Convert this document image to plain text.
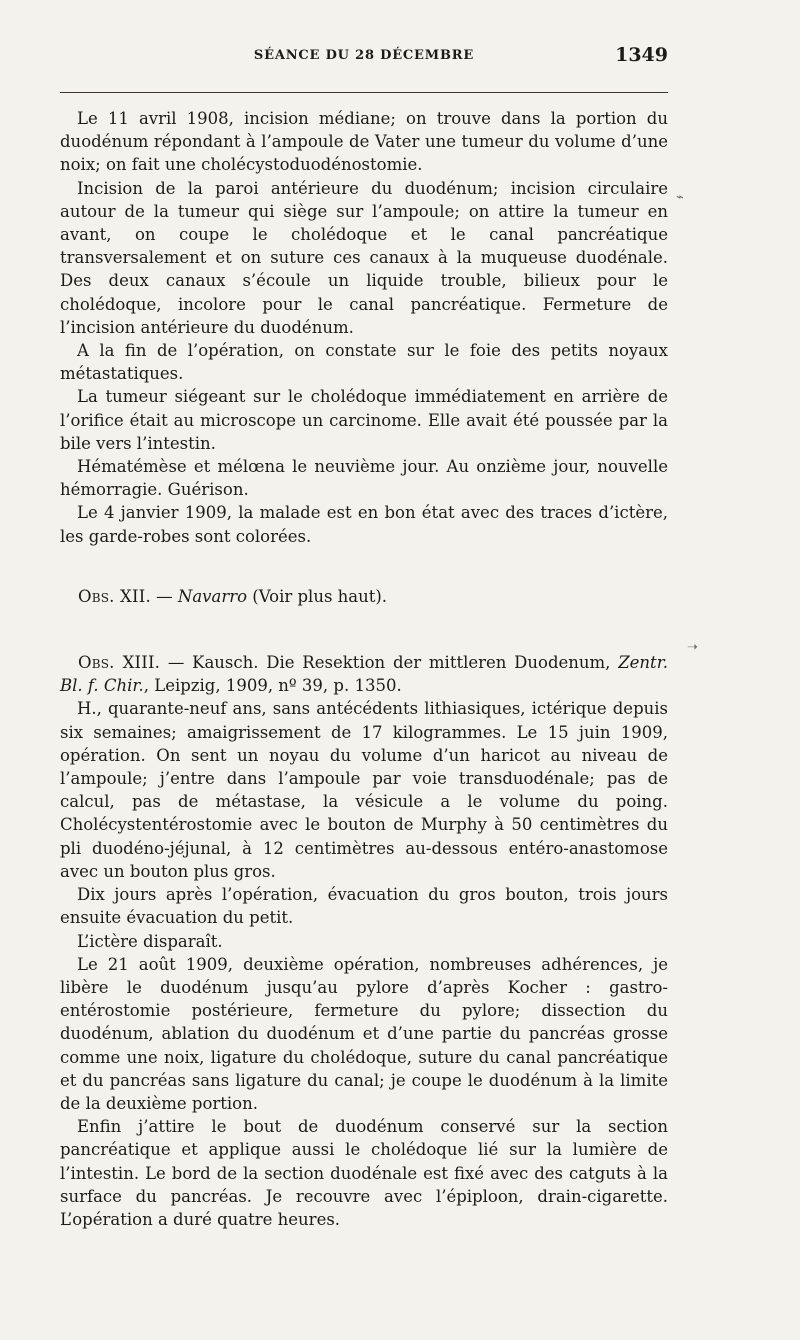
SÉANCE DU 28 DÉCEMBRE	1349

Le 11 avril 1908, incision médiane; on trouve dans la portion du duodénum répondant à l’ampoule de Vater une tumeur du volume d’une noix; on fait une cholécystoduodénostomie.

Incision de la paroi antérieure du duodénum; incision circulaire autour de la tumeur qui siège sur l’ampoule; on attire la tumeur en avant, on coupe le cholédoque et le canal pancréatique transversalement et on suture ces canaux à la muqueuse duodénale. Des deux canaux s’écoule un liquide trouble, bilieux pour le cholédoque, incolore pour le canal pancréatique. Fermeture de l’incision antérieure du duodénum.

A la fin de l’opération, on constate sur le foie des petits noyaux métastatiques.

La tumeur siégeant sur le cholédoque immédiatement en arrière de l’orifice était au microscope un carcinome. Elle avait été poussée par la bile vers l’intestin.

Hématémèse et mélœna le neuvième jour. Au onzième jour, nouvelle hémorragie. Guérison.

Le 4 janvier 1909, la malade est en bon état avec des traces d’ictère, les garde-robes sont colorées.

Obs. XII. — Navarro (Voir plus haut).

Obs. XIII. — Kausch. Die Resektion der mittleren Duodenum, Zentr. Bl. f. Chir., Leipzig, 1909, nº 39, p. 1350.

H., quarante-neuf ans, sans antécédents lithiasiques, ictérique depuis six semaines; amaigrissement de 17 kilogrammes. Le 15 juin 1909, opération. On sent un noyau du volume d’un haricot au niveau de l’ampoule; j’entre dans l’ampoule par voie transduodénale; pas de calcul, pas de métastase, la vésicule a le volume du poing. Cholécystentérostomie avec le bouton de Murphy à 50 centimètres du pli duodéno-jéjunal, à 12 centimètres au-dessous entéro-anastomose avec un bouton plus gros.

Dix jours après l’opération, évacuation du gros bouton, trois jours ensuite évacuation du petit.

L’ictère disparaît.

Le 21 août 1909, deuxième opération, nombreuses adhérences, je libère le duodénum jusqu’au pylore d’après Kocher : gastro-entérostomie postérieure, fermeture du pylore; dissection du duodénum, ablation du duodénum et d’une partie du pancréas grosse comme une noix, ligature du cholédoque, suture du canal pancréatique et du pancréas sans ligature du canal; je coupe le duodénum à la limite de la deuxième portion.

Enfin j’attire le bout de duodénum conservé sur la section pancréatique et applique aussi le cholédoque lié sur la lumière de l’intestin. Le bord de la section duodénale est fixé avec des catguts à la surface du pancréas. Je recouvre avec l’épiploon, drain-cigarette. L’opération a duré quatre heures.

⌁
➝
